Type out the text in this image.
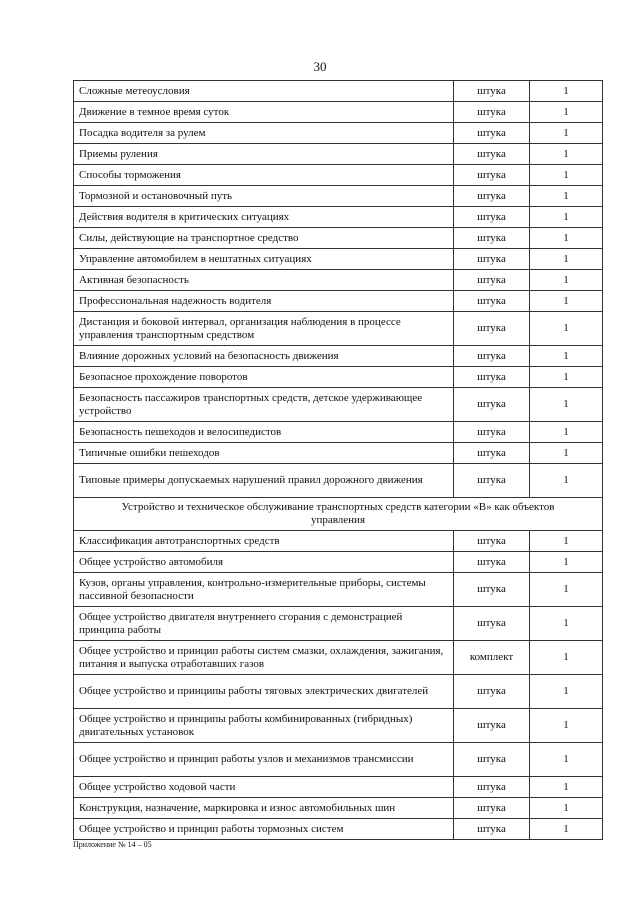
30
Сложные метеоусловия	штука	1
Движение в темное время суток	штука	1
Посадка водителя за рулем	штука	1
Приемы руления	штука	1
Способы торможения	штука	1
Тормозной и остановочный путь	штука	1
Действия водителя в критических ситуациях	штука	1
Силы, действующие на транспортное средство	штука	1
Управление автомобилем в нештатных ситуациях	штука	1
Активная безопасность	штука	1
Профессиональная надежность водителя	штука	1
Дистанция и боковой интервал, организация наблюдения в процессе управления транспортным средством	штука	1
Влияние дорожных условий на безопасность движения	штука	1
Безопасное прохождение поворотов	штука	1
Безопасность пассажиров транспортных средств, детское удерживающее устройство	штука	1
Безопасность пешеходов и велосипедистов	штука	1
Типичные ошибки пешеходов	штука	1
Типовые примеры допускаемых нарушений правил дорожного движения	штука	1
Устройство и техническое обслуживание транспортных средств категории «В» как объектов управления		
Классификация автотранспортных средств	штука	1
Общее устройство автомобиля	штука	1
Кузов, органы управления, контрольно-измерительные приборы, системы пассивной безопасности	штука	1
Общее устройство двигателя внутреннего сгорания с демонстрацией принципа работы	штука	1
Общее устройство и принцип работы систем смазки, охлаждения, зажигания, питания и выпуска отработавших газов	комплект	1
Общее устройство и принципы работы тяговых электрических двигателей	штука	1
Общее устройство и принципы работы комбинированных (гибридных) двигательных установок	штука	1
Общее устройство и принцип работы узлов и механизмов трансмиссии	штука	1
Общее устройство ходовой части	штука	1
Конструкция, назначение, маркировка и износ автомобильных шин	штука	1
Общее устройство и принцип работы тормозных систем	штука	1
Приложение № 14 – 05
